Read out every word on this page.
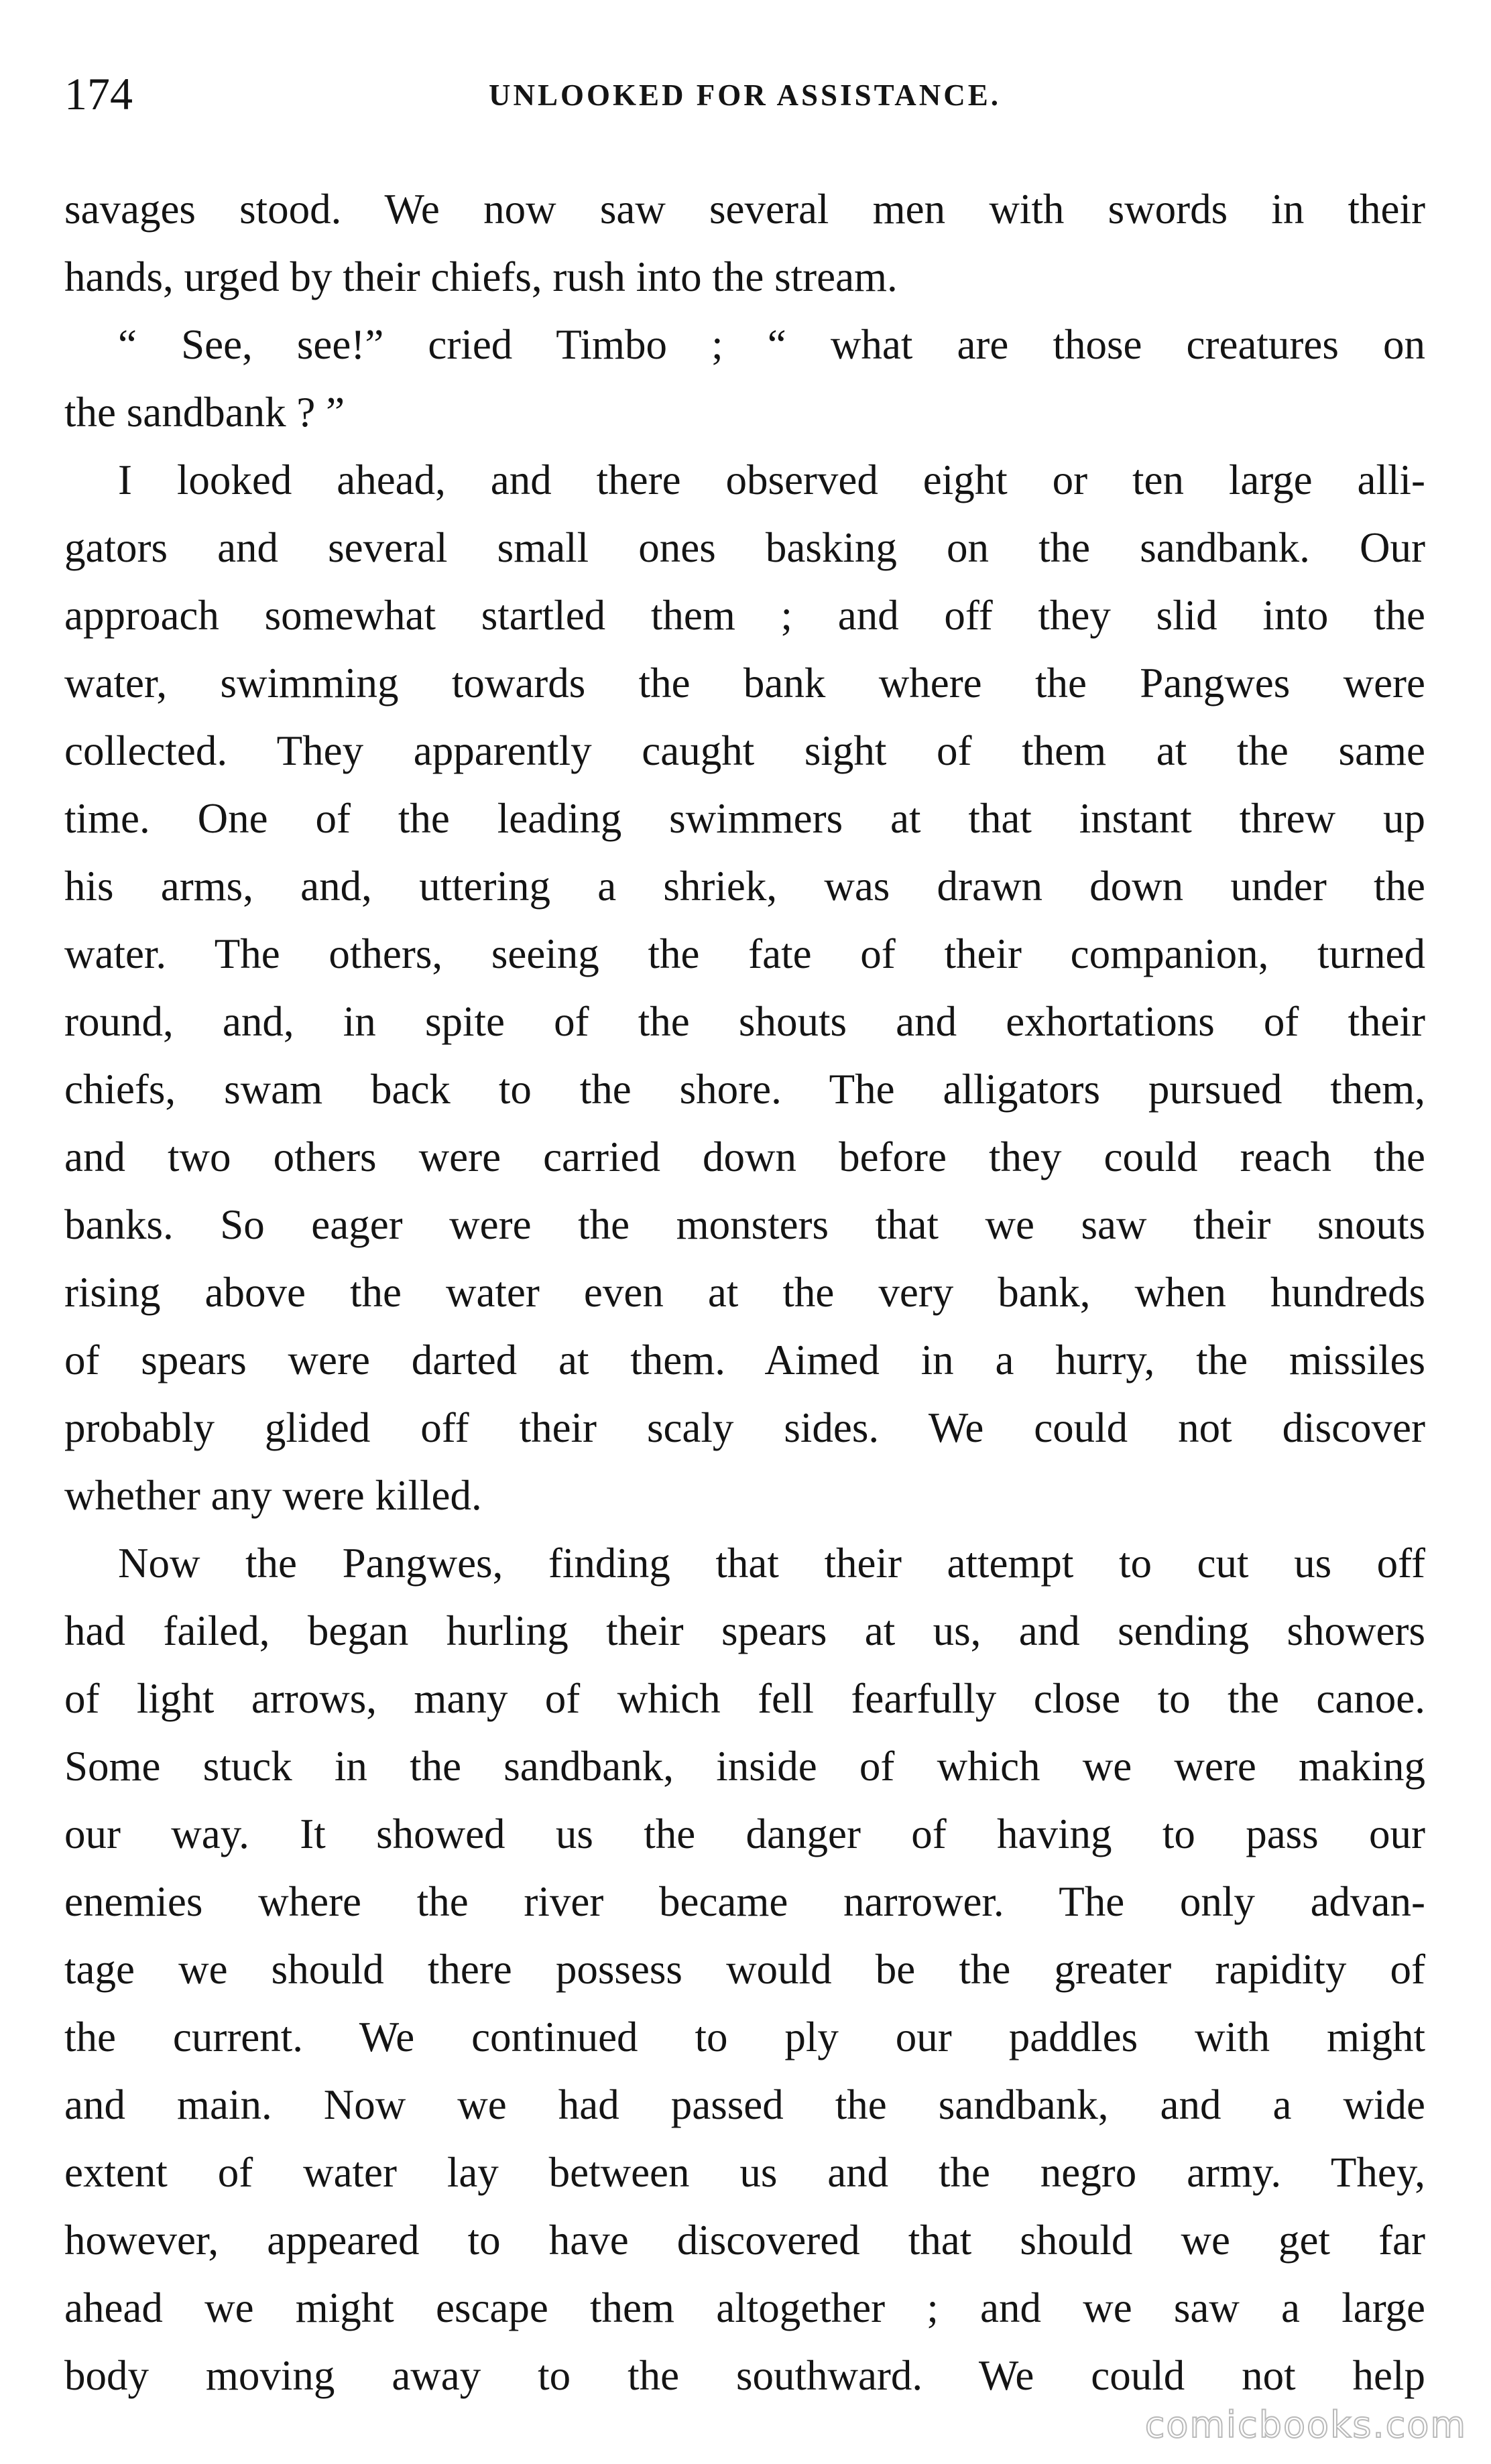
174	UNLOOKED FOR ASSISTANCE.
savages stood. We now saw several men with swords in their
hands, urged by their chiefs, rush into the stream.
“ See, see!” cried Timbo ; “ what are those creatures on
the sandbank ? ”
I looked ahead, and there observed eight or ten large alli-
gators and several small ones basking on the sandbank. Our
approach somewhat startled them ; and off they slid into the
water, swimming towards the bank where the Pangwes were
collected. They apparently caught sight of them at the same
time. One of the leading swimmers at that instant threw up
his arms, and, uttering a shriek, was drawn down under the
water. The others, seeing the fate of their companion, turned
round, and, in spite of the shouts and exhortations of their
chiefs, swam back to the shore. The alligators pursued them,
and two others were carried down before they could reach the
banks. So eager were the monsters that we saw their snouts
rising above the water even at the very bank, when hundreds
of spears were darted at them. Aimed in a hurry, the missiles
probably glided off their scaly sides. We could not discover
whether any were killed.
Now the Pangwes, finding that their attempt to cut us off
had failed, began hurling their spears at us, and sending showers
of light arrows, many of which fell fearfully close to the canoe.
Some stuck in the sandbank, inside of which we were making
our way. It showed us the danger of having to pass our
enemies where the river became narrower. The only advan-
tage we should there possess would be the greater rapidity of
the current. We continued to ply our paddles with might
and main. Now we had passed the sandbank, and a wide
extent of water lay between us and the negro army. They,
however, appeared to have discovered that should we get far
ahead we might escape them altogether ; and we saw a large
body moving away to the southward. We could not help
comicbooks.com
